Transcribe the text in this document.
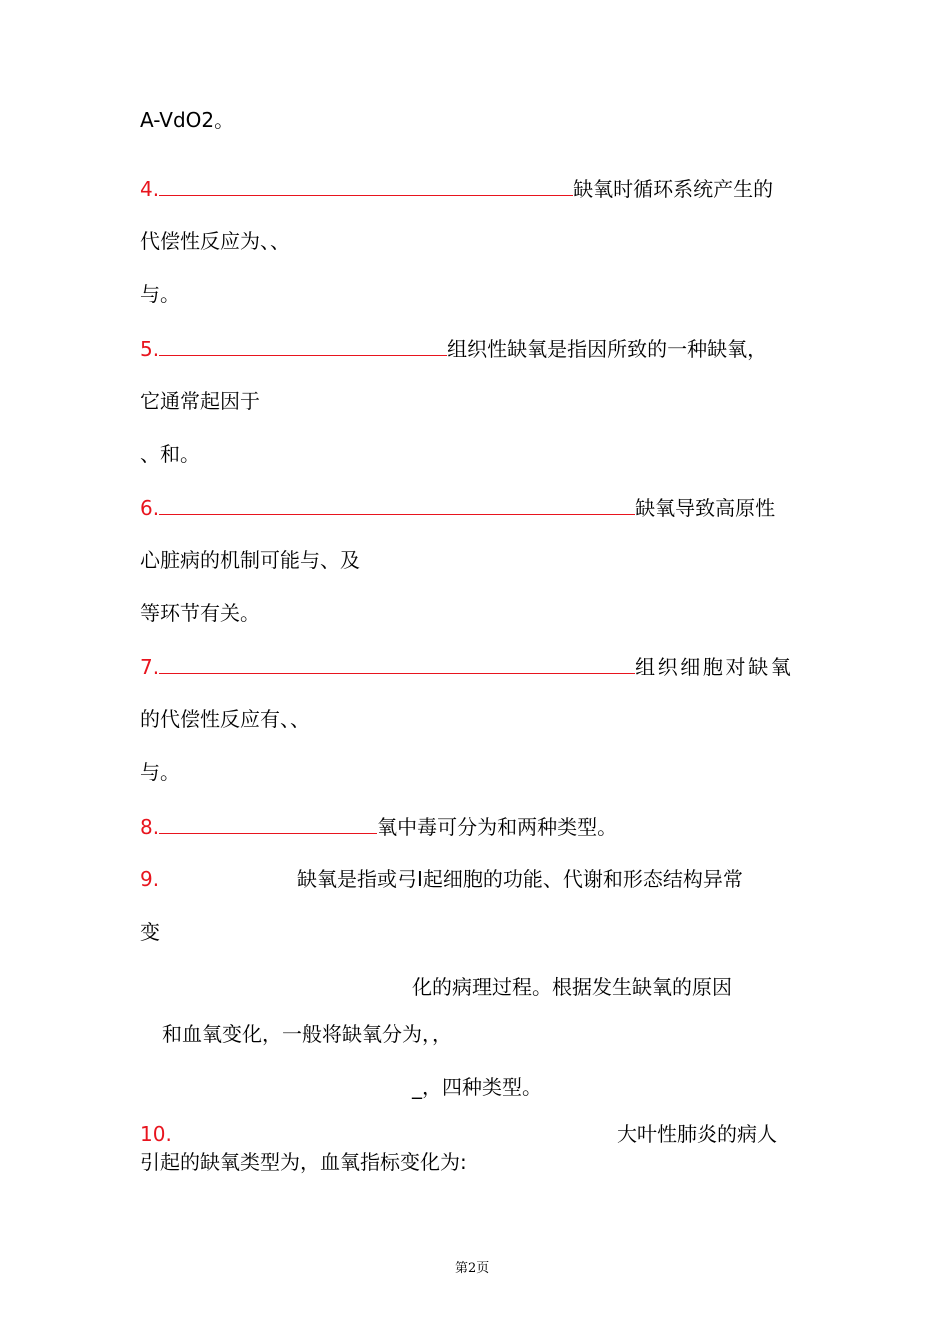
A-VdO2。
4.	缺氧时循环系统产生的
代偿性反应为、、
与。
5.	组织性缺氧是指因所致的一种缺氧，
它通常起因于
、和。
6.	缺氧导致高原性
心脏病的机制可能与、及
等环节有关。
7.	组织细胞对缺氧
的代偿性反应有、、
与。
8.	氧中毒可分为和两种类型。
9.	缺氧是指或弓I起细胞的功能、代谢和形态结构异常
变
化的病理过程。根据发生缺氧的原因
和血氧变化，一般将缺氧分为，，
_，四种类型。
10.	大叶性肺炎的病人
引起的缺氧类型为，血氧指标变化为:
第2页
